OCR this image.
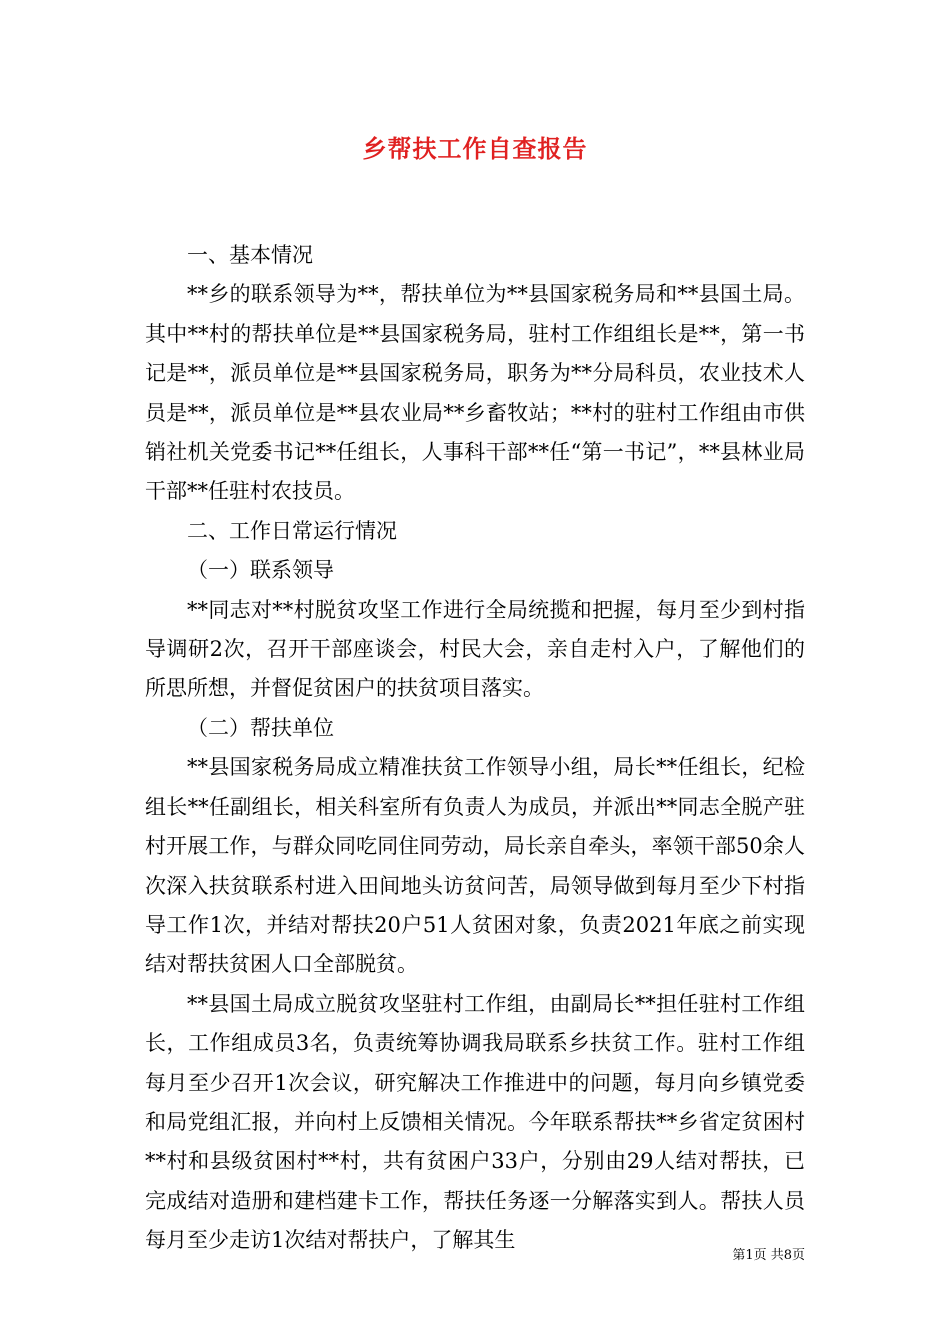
乡帮扶工作自查报告

一、基本情况

**乡的联系领导为**，帮扶单位为**县国家税务局和**县国土局。其中**村的帮扶单位是**县国家税务局，驻村工作组组长是**，第一书记是**，派员单位是**县国家税务局，职务为**分局科员，农业技术人员是**，派员单位是**县农业局**乡畜牧站；**村的驻村工作组由市供销社机关党委书记**任组长，人事科干部**任“第一书记”，**县林业局干部**任驻村农技员。

二、工作日常运行情况

（一）联系领导

**同志对**村脱贫攻坚工作进行全局统揽和把握，每月至少到村指导调研2次，召开干部座谈会，村民大会，亲自走村入户，了解他们的所思所想，并督促贫困户的扶贫项目落实。

（二）帮扶单位

**县国家税务局成立精准扶贫工作领导小组，局长**任组长，纪检组长**任副组长，相关科室所有负责人为成员，并派出**同志全脱产驻村开展工作，与群众同吃同住同劳动，局长亲自牵头，率领干部50余人次深入扶贫联系村进入田间地头访贫问苦，局领导做到每月至少下村指导工作1次，并结对帮扶20户51人贫困对象，负责2021年底之前实现结对帮扶贫困人口全部脱贫。

**县国土局成立脱贫攻坚驻村工作组，由副局长**担任驻村工作组长，工作组成员3名，负责统筹协调我局联系乡扶贫工作。驻村工作组每月至少召开1次会议，研究解决工作推进中的问题，每月向乡镇党委和局党组汇报，并向村上反馈相关情况。今年联系帮扶**乡省定贫困村**村和县级贫困村**村，共有贫困户33户，分别由29人结对帮扶，已完成结对造册和建档建卡工作，帮扶任务逐一分解落实到人。帮扶人员每月至少走访1次结对帮扶户，了解其生

第1页 共8页
